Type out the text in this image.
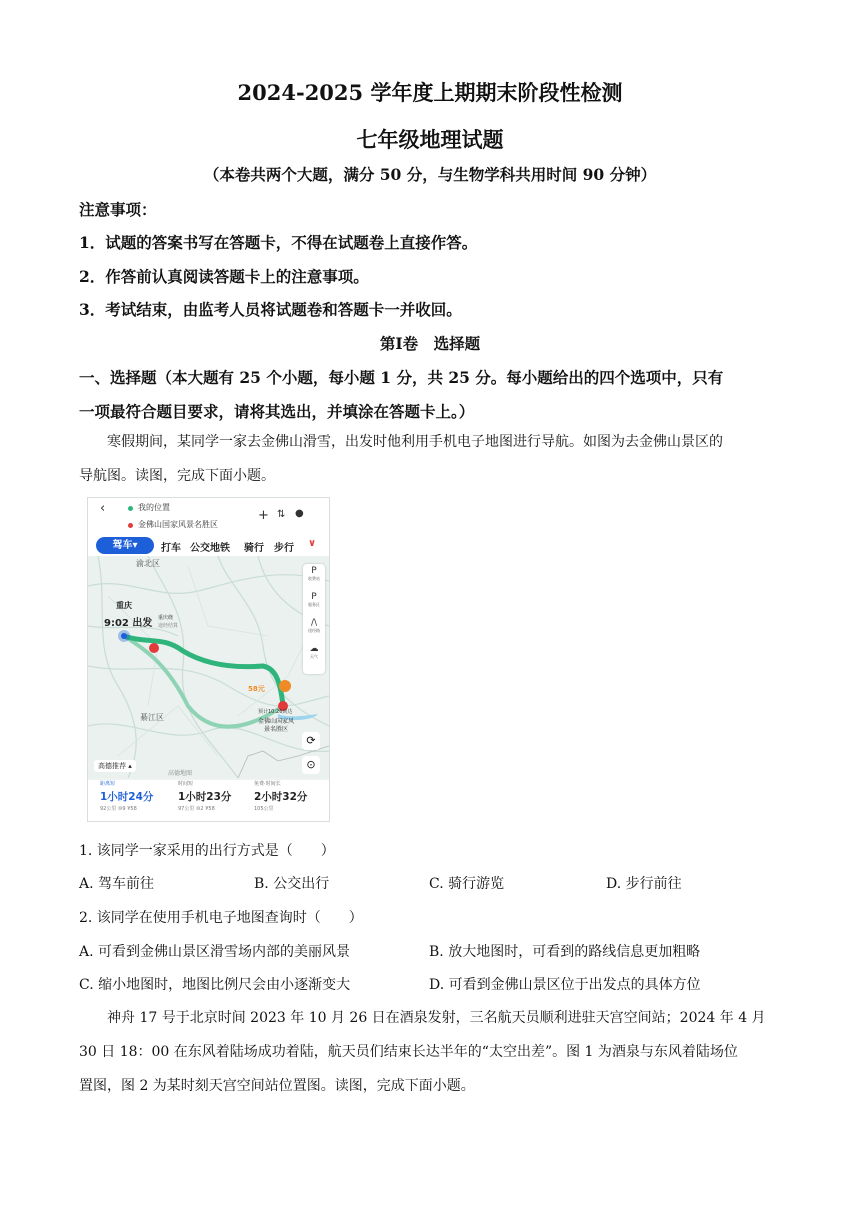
2024-2025 学年度上期期末阶段性检测
七年级地理试题
（本卷共两个大题，满分 50 分，与生物学科共用时间 90 分钟）
注意事项：
1．试题的答案书写在答题卡，不得在试题卷上直接作答。
2．作答前认真阅读答题卡上的注意事项。
3．考试结束，由监考人员将试题卷和答题卡一并收回。
第Ⅰ卷　选择题
一、选择题（本大题有 25 个小题，每小题 1 分，共 25 分。每小题给出的四个选项中，只有
一项最符合题目要求，请将其选出，并填涂在答题卡上。）
寒假期间，某同学一家去金佛山滑雪，出发时他利用手机电子地图进行导航。如图为去金佛山景区的
导航图。读图，完成下面小题。
‹	我的位置
金佛山国家风景名胜区
+ ⇅ ●
驾车▾	打车 公交地铁 骑行 步行 ∨
渝北区
重庆
綦江区
9:02 出发 重庆绕
途经结算
58元
预计10:26到达
金佛山国家风
景名胜区
P
收费站
P
服务区
/\
途经路
☁
天气
⟳
⊙
高德推荐 ▴
高德地图
距离短
1小时24分
92公里 ⑩9 ¥58
时间短
1小时23分
97公里 ⑩2 ¥58
免费·时间长
2小时32分
105公里
1. 该同学一家采用的出行方式是（　　）
A. 驾车前往	B. 公交出行	C. 骑行游览	D. 步行前往
2. 该同学在使用手机电子地图查询时（　　）
A. 可看到金佛山景区滑雪场内部的美丽风景	B. 放大地图时，可看到的路线信息更加粗略
C. 缩小地图时，地图比例尺会由小逐渐变大	D. 可看到金佛山景区位于出发点的具体方位
神舟 17 号于北京时间 2023 年 10 月 26 日在酒泉发射，三名航天员顺利进驻天宫空间站；2024 年 4 月
30 日 18：00 在东风着陆场成功着陆，航天员们结束长达半年的“太空出差”。图 1 为酒泉与东风着陆场位
置图，图 2 为某时刻天宫空间站位置图。读图，完成下面小题。
